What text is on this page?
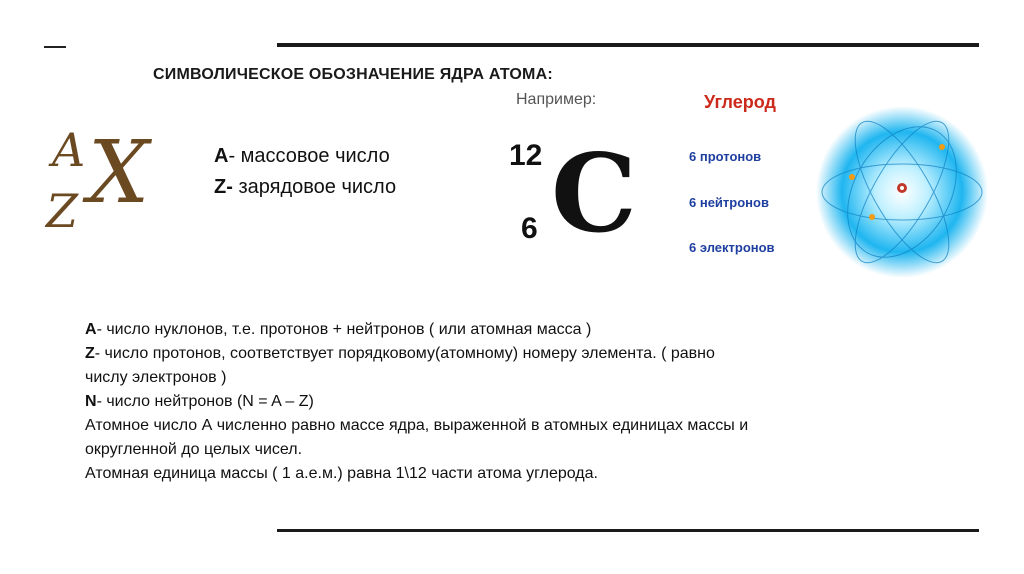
СИМВОЛИЧЕСКОЕ ОБОЗНАЧЕНИЕ ЯДРА АТОМА:
A
Z X	А- массовое число
Z- зарядовое число
Например:
12
6 C
Углерод
6 протонов
6 нейтронов
6 электронов
А- число нуклонов, т.е. протонов + нейтронов ( или атомная масса )
Z- число протонов, соответствует порядковому(атомному) номеру элемента. ( равно
числу электронов )
N- число нейтронов (N = A – Z)
Атомное число А численно равно массе ядра, выраженной в атомных единицах массы и
округленной до целых чисел.
Атомная единица массы ( 1 а.е.м.) равна 1\12 части атома углерода.
